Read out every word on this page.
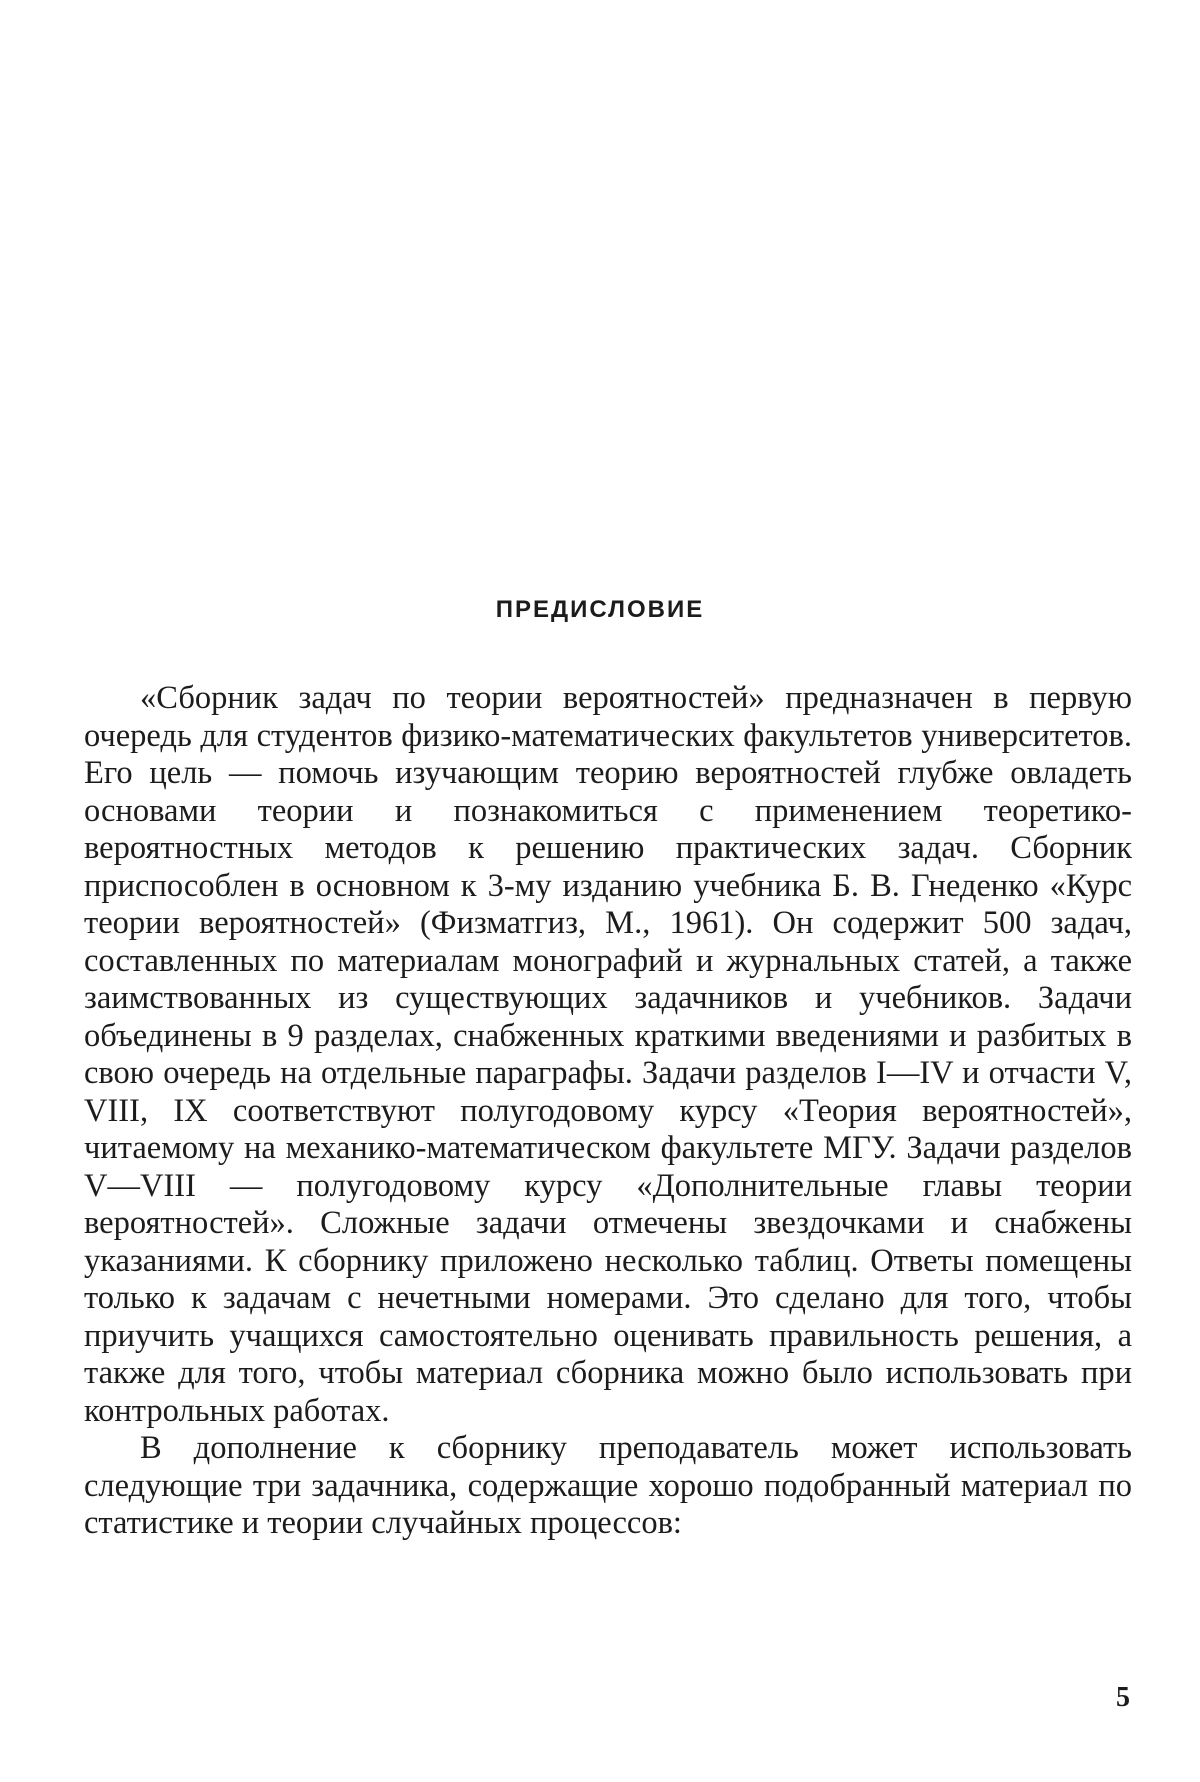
ПРЕДИСЛОВИЕ

«Сборник задач по теории вероятностей» предназначен в первую очередь для студентов физико-математических факультетов университетов. Его цель — помочь изучающим теорию вероятностей глубже овладеть основами теории и познакомиться с применением теоретико-вероятностных методов к решению практических задач. Сборник приспособлен в основном к 3-му изданию учебника Б. В. Гнеденко «Курс теории вероятностей» (Физматгиз, М., 1961). Он содержит 500 задач, составленных по материалам монографий и журнальных статей, а также заимствованных из существующих задачников и учебников. Задачи объединены в 9 разделах, снабженных краткими введениями и разбитых в свою очередь на отдельные параграфы. Задачи разделов I—IV и отчасти V, VIII, IX соответствуют полугодовому курсу «Теория вероятностей», читаемому на механико-математическом факультете МГУ. Задачи разделов V—VIII — полугодовому курсу «Дополнительные главы теории вероятностей». Сложные задачи отмечены звездочками и снабжены указаниями. К сборнику приложено несколько таблиц. Ответы помещены только к задачам с нечетными номерами. Это сделано для того, чтобы приучить учащихся самостоятельно оценивать правильность решения, а также для того, чтобы материал сборника можно было использовать при контрольных работах.

В дополнение к сборнику преподаватель может использовать следующие три задачника, содержащие хорошо подобранный материал по статистике и теории случайных процессов:

5
